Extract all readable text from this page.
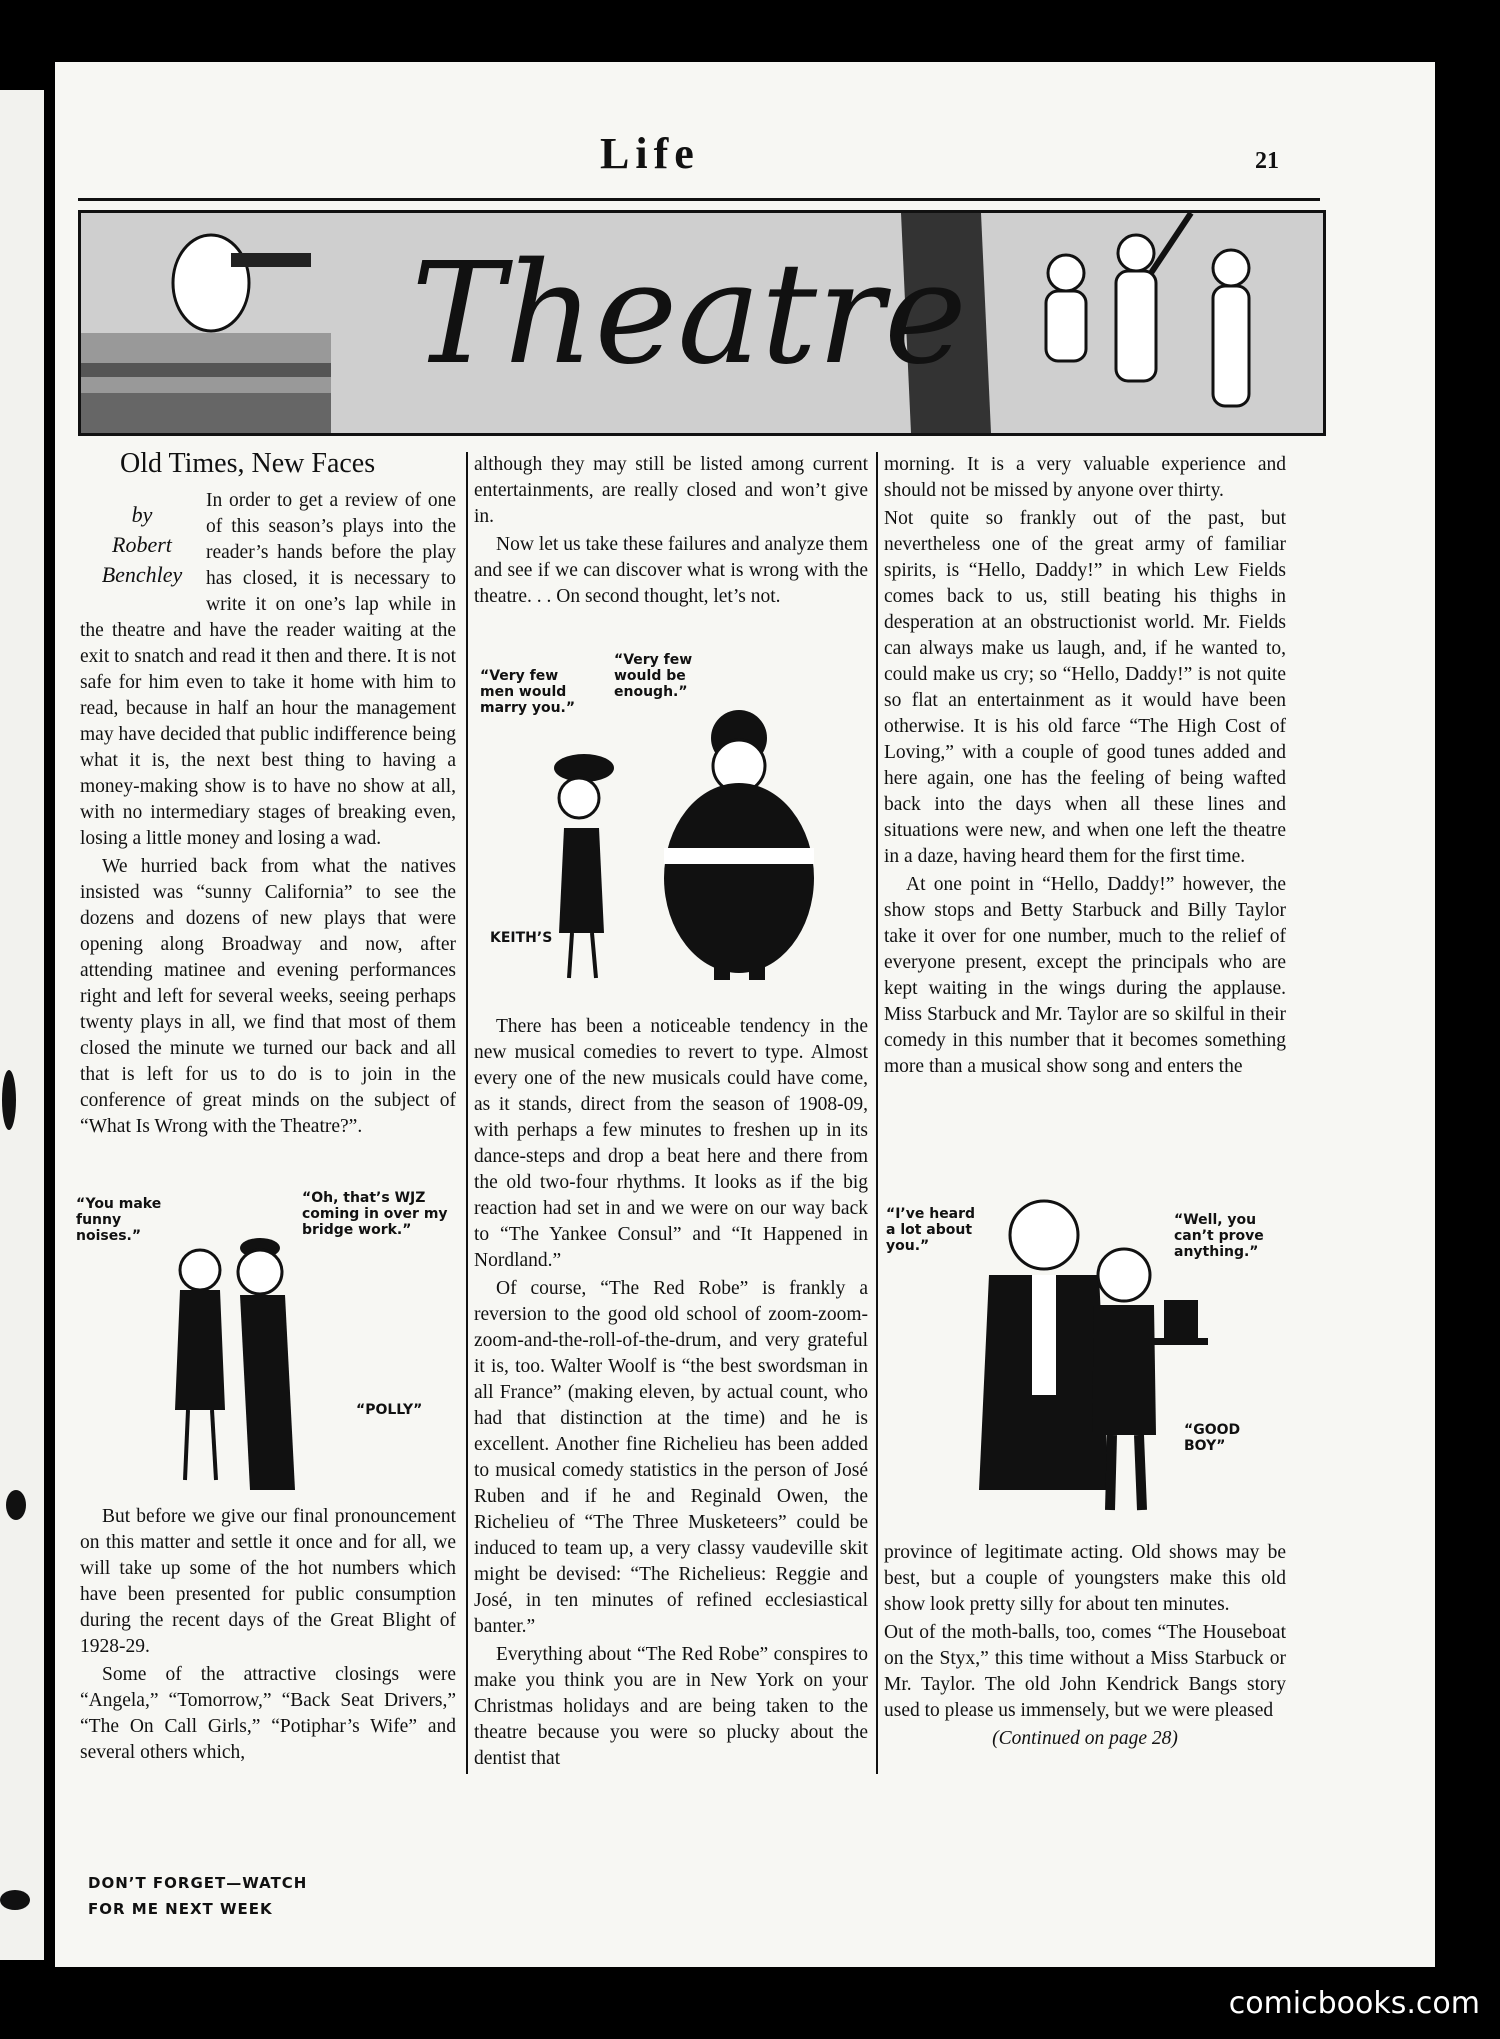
Life	21
Theatre
Old Times, New Faces
by
Robert
Benchley

In order to get a review of one of this season’s plays into the reader’s hands before the play has closed, it is necessary to write it on one’s lap while in the theatre and have the reader waiting at the exit to snatch and read it then and there. It is not safe for him even to take it home with him to read, because in half an hour the management may have decided that public indifference being what it is, the next best thing to having a money-making show is to have no show at all, with no intermediary stages of breaking even, losing a little money and losing a wad.

We hurried back from what the natives insisted was “sunny California” to see the dozens and dozens of new plays that were opening along Broadway and now, after attending matinee and evening performances right and left for several weeks, seeing perhaps twenty plays in all, we find that most of them closed the minute we turned our back and all that is left for us to do is to join in the conference of great minds on the subject of “What Is Wrong with the Theatre?”.

“You make funny noises.”
“Oh, that’s WJZ coming in over my bridge work.”
“POLLY”

But before we give our final pronouncement on this matter and settle it once and for all, we will take up some of the hot numbers which have been presented for public consumption during the recent days of the Great Blight of 1928-29.

Some of the attractive closings were “Angela,” “Tomorrow,” “Back Seat Drivers,” “The On Call Girls,” “Potiphar’s Wife” and several others which,

although they may still be listed among current entertainments, are really closed and won’t give in.

Now let us take these failures and analyze them and see if we can discover what is wrong with the theatre. . . On second thought, let’s not.

“Very few men would marry you.”
“Very few would be enough.”
KEITH’S

There has been a noticeable tendency in the new musical comedies to revert to type. Almost every one of the new musicals could have come, as it stands, direct from the season of 1908-09, with perhaps a few minutes to freshen up in its dance-steps and drop a beat here and there from the old two-four rhythms. It looks as if the big reaction had set in and we were on our way back to “The Yankee Consul” and “It Happened in Nordland.”

Of course, “The Red Robe” is frankly a reversion to the good old school of zoom-zoom-zoom-and-the-roll-of-the-drum, and very grateful it is, too. Walter Woolf is “the best swordsman in all France” (making eleven, by actual count, who had that distinction at the time) and he is excellent. Another fine Richelieu has been added to musical comedy statistics in the person of José Ruben and if he and Reginald Owen, the Richelieu of “The Three Musketeers” could be induced to team up, a very classy vaudeville skit might be devised: “The Richelieus: Reggie and José, in ten minutes of refined ecclesiastical banter.”

Everything about “The Red Robe” conspires to make you think you are in New York on your Christmas holidays and are being taken to the theatre because you were so plucky about the dentist that

morning. It is a very valuable experience and should not be missed by anyone over thirty.

Not quite so frankly out of the past, but nevertheless one of the great army of familiar spirits, is “Hello, Daddy!” in which Lew Fields comes back to us, still beating his thighs in desperation at an obstructionist world. Mr. Fields can always make us laugh, and, if he wanted to, could make us cry; so “Hello, Daddy!” is not quite so flat an entertainment as it would have been otherwise. It is his old farce “The High Cost of Loving,” with a couple of good tunes added and here again, one has the feeling of being wafted back into the days when all these lines and situations were new, and when one left the theatre in a daze, having heard them for the first time.

At one point in “Hello, Daddy!” however, the show stops and Betty Starbuck and Billy Taylor take it over for one number, much to the relief of everyone present, except the principals who are kept waiting in the wings during the applause. Miss Starbuck and Mr. Taylor are so skilful in their comedy in this number that it becomes something more than a musical show song and enters the

“I’ve heard a lot about you.”
“Well, you can’t prove anything.”
“GOOD BOY”

province of legitimate acting. Old shows may be best, but a couple of youngsters make this old show look pretty silly for about ten minutes.

Out of the moth-balls, too, comes “The Houseboat on the Styx,” this time without a Miss Starbuck or Mr. Taylor. The old John Kendrick Bangs story used to please us immensely, but we were pleased

(Continued on page 28)
DON’T FORGET—WATCH
FOR ME NEXT WEEK
comicbooks.com
